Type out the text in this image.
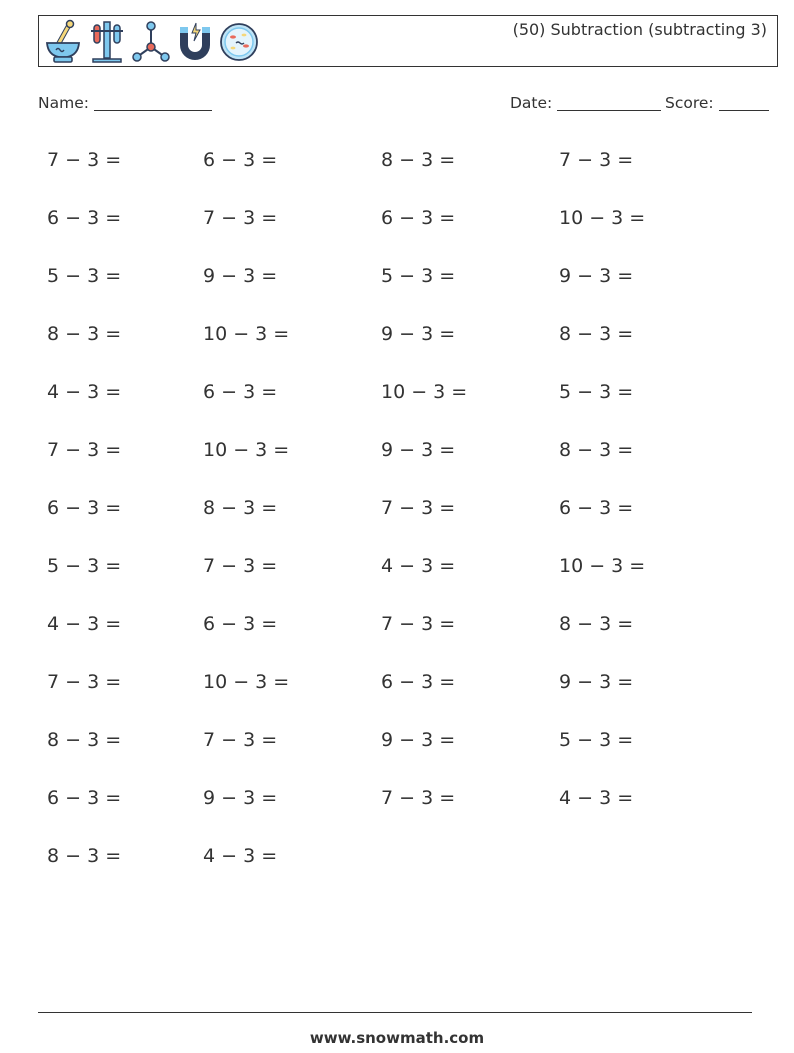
(50) Subtraction (subtracting 3)
Name:	Date:	Score:
7 − 3 =	6 − 3 =	8 − 3 =	7 − 3 =
6 − 3 =	7 − 3 =	6 − 3 =	10 − 3 =
5 − 3 =	9 − 3 =	5 − 3 =	9 − 3 =
8 − 3 =	10 − 3 =	9 − 3 =	8 − 3 =
4 − 3 =	6 − 3 =	10 − 3 =	5 − 3 =
7 − 3 =	10 − 3 =	9 − 3 =	8 − 3 =
6 − 3 =	8 − 3 =	7 − 3 =	6 − 3 =
5 − 3 =	7 − 3 =	4 − 3 =	10 − 3 =
4 − 3 =	6 − 3 =	7 − 3 =	8 − 3 =
7 − 3 =	10 − 3 =	6 − 3 =	9 − 3 =
8 − 3 =	7 − 3 =	9 − 3 =	5 − 3 =
6 − 3 =	9 − 3 =	7 − 3 =	4 − 3 =
8 − 3 =	4 − 3 =
www.snowmath.com
